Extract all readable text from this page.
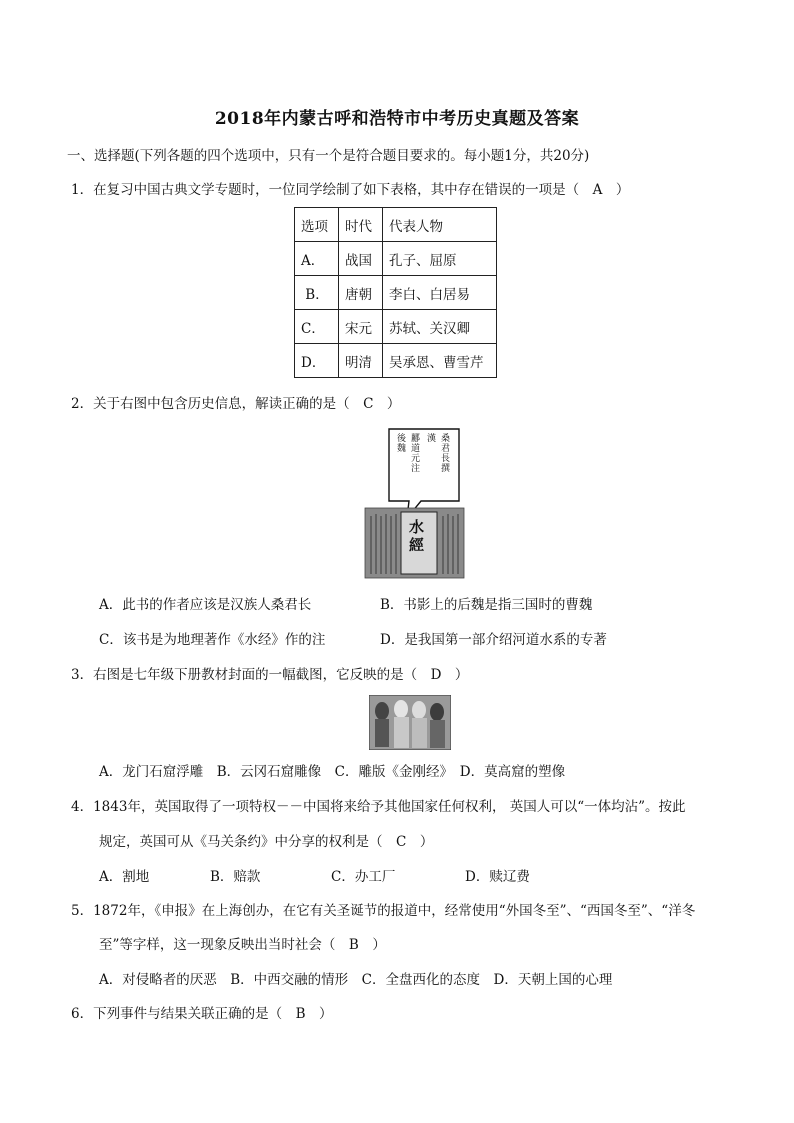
2018年内蒙古呼和浩特市中考历史真题及答案
一、选择题(下列各题的四个选项中，只有一个是符合题目要求的。每小题1分，共20分)
1．在复习中国古典文学专题时，一位同学绘制了如下表格，其中存在错误的一项是（　A　）
选项	时代	代表人物
A．	战国	孔子、屈原
B．	唐朝	李白、白居易
C．	宋元	苏轼、关汉卿
D．	明清	吴承恩、曹雪芹
2．关于右图中包含历史信息，解读正确的是（　C　）
後魏
酈道元注
漢 桑君長撰
水經
A．此书的作者应该是汉族人桑君长	B．书影上的后魏是指三国时的曹魏
C．该书是为地理著作《水经》作的注	D．是我国第一部介绍河道水系的专著
3．右图是七年级下册教材封面的一幅截图，它反映的是（　D　）
A．龙门石窟浮雕　B．云冈石窟雕像　C．雕版《金刚经》　D．莫高窟的塑像
4．1843年，英国取得了一项特权－－中国将来给予其他国家任何权利， 英国人可以“一体均沾”。按此
规定，英国可从《马关条约》中分享的权利是（　C　）
A．割地	B．赔款	C．办工厂	D．赎辽费
5．1872年，《申报》在上海创办，在它有关圣诞节的报道中，经常使用“外国冬至”、“西国冬至”、“洋冬
至”等字样，这一现象反映出当时社会（　B　）
A．对侵略者的厌恶　B．中西交融的情形　C．全盘西化的态度　D．天朝上国的心理
6．下列事件与结果关联正确的是（　B　）
